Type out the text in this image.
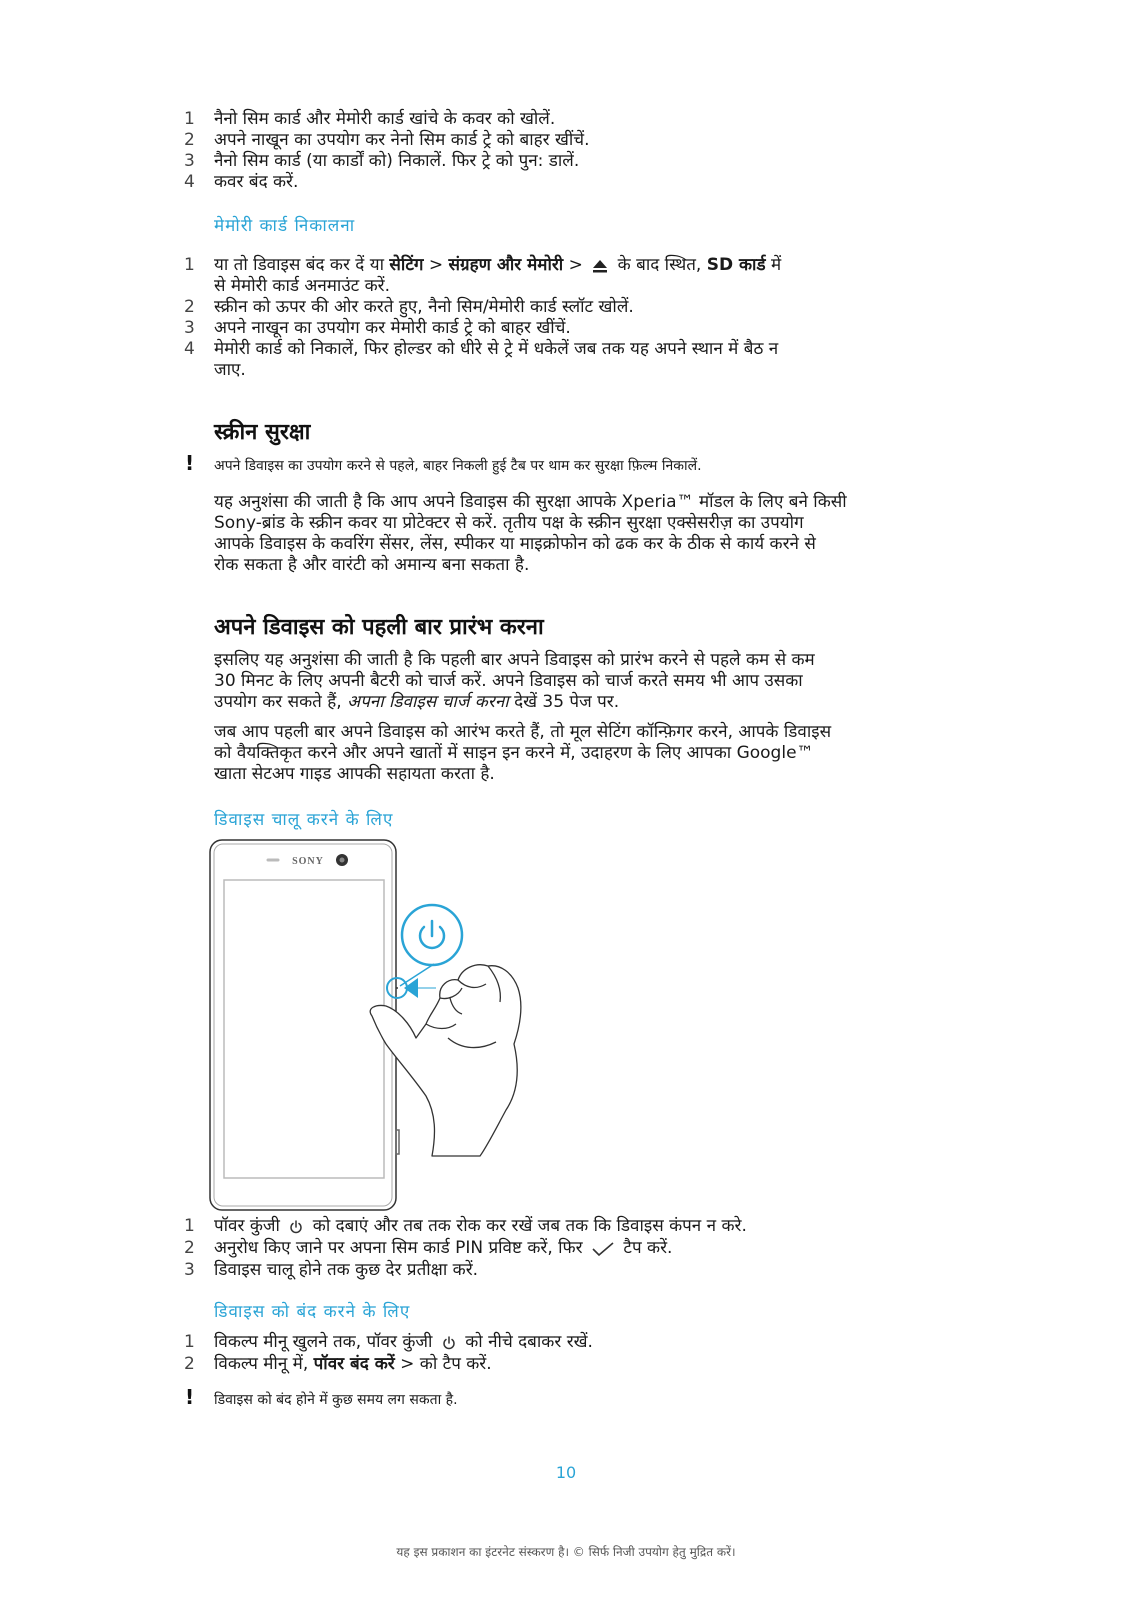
1	नैनो सिम कार्ड और मेमोरी कार्ड खांचे के कवर को खोलें.
2	अपने नाखून का उपयोग कर नेनो सिम कार्ड ट्रे को बाहर खींचें.
3	नैनो सिम कार्ड (या कार्डों को) निकालें. फिर ट्रे को पुन: डालें.
4	कवर बंद करें.
मेमोरी कार्ड निकालना
1	या तो डिवाइस बंद कर दें या सेटिंग > संग्रहण और मेमोरी > के बाद स्थित, SD कार्ड में
से मेमोरी कार्ड अनमाउंट करें.
2	स्क्रीन को ऊपर की ओर करते हुए, नैनो सिम/मेमोरी कार्ड स्लॉट खोलें.
3	अपने नाखून का उपयोग कर मेमोरी कार्ड ट्रे को बाहर खींचें.
4	मेमोरी कार्ड को निकालें, फिर होल्डर को धीरे से ट्रे में धकेलें जब तक यह अपने स्थान में बैठ न
जाए.
स्क्रीन सुरक्षा
! अपने डिवाइस का उपयोग करने से पहले, बाहर निकली हुई टैब पर थाम कर सुरक्षा फ़िल्म निकालें.
यह अनुशंसा की जाती है कि आप अपने डिवाइस की सुरक्षा आपके Xperia™ मॉडल के लिए बने किसी
Sony-ब्रांड के स्क्रीन कवर या प्रोटेक्टर से करें. तृतीय पक्ष के स्क्रीन सुरक्षा एक्सेसरीज़ का उपयोग
आपके डिवाइस के कवरिंग सेंसर, लेंस, स्पीकर या माइक्रोफोन को ढक कर के ठीक से कार्य करने से
रोक सकता है और वारंटी को अमान्य बना सकता है.
अपने डिवाइस को पहली बार प्रारंभ करना
इसलिए यह अनुशंसा की जाती है कि पहली बार अपने डिवाइस को प्रारंभ करने से पहले कम से कम
30 मिनट के लिए अपनी बैटरी को चार्ज करें. अपने डिवाइस को चार्ज करते समय भी आप उसका
उपयोग कर सकते हैं, अपना डिवाइस चार्ज करना देखें 35 पेज पर.
जब आप पहली बार अपने डिवाइस को आरंभ करते हैं, तो मूल सेटिंग कॉन्फ़िगर करने, आपके डिवाइस
को वैयक्तिकृत करने और अपने खातों में साइन इन करने में, उदाहरण के लिए आपका Google™
खाता सेटअप गाइड आपकी सहायता करता है.
डिवाइस चालू करने के लिए
SONY
1	पॉवर कुंजी को दबाएं और तब तक रोक कर रखें जब तक कि डिवाइस कंपन न करे.
2	अनुरोध किए जाने पर अपना सिम कार्ड PIN प्रविष्ट करें, फिर टैप करें.
3	डिवाइस चालू होने तक कुछ देर प्रतीक्षा करें.
डिवाइस को बंद करने के लिए
1	विकल्प मीनू खुलने तक, पॉवर कुंजी को नीचे दबाकर रखें.
2	विकल्प मीनू में, पॉवर बंद करें > को टैप करें.
! डिवाइस को बंद होने में कुछ समय लग सकता है.
10
यह इस प्रकाशन का इंटरनेट संस्करण है। © सिर्फ निजी उपयोग हेतु मुद्रित करें।
